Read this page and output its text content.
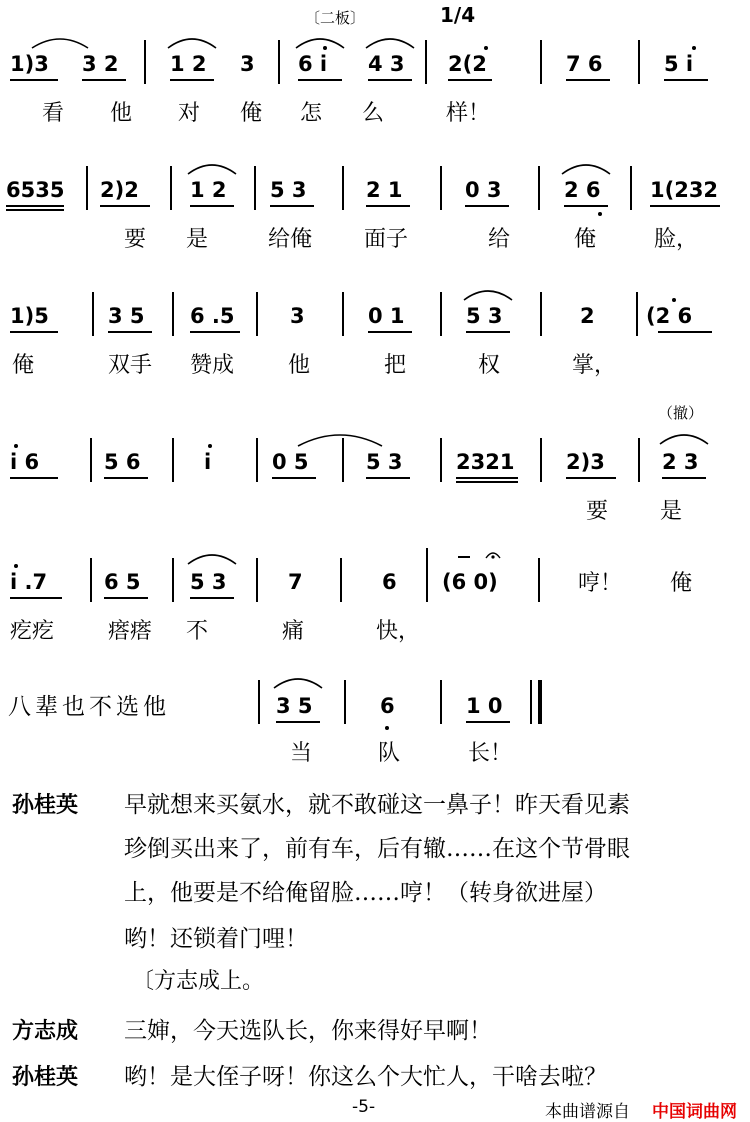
〔二板〕	1/4
1)3 3 2 1 2 3 6 i 4 3 2(2	7 6	5 i
看 他 对 俺 怎 么	样！
6535 2)2 1 2 5 3	2 1	0 3	2 6 1(232
要 是	给俺 面子	给	俺	脸，
1)5	3 5 6 .5	3	0 1	5 3	2 (2 6
俺	双手 赞成 他	把	权	掌，
（撤）
i 6	5 6	i	0 5	5 3	2321 2)3	2 3
要 是
i .7	6 5 5 3	7	6 (6 0)	哼！ 俺
疙疙 瘩瘩 不	痛	快，
八辈也不选他	3 5	6	1 0
当	队	长！
孙桂英 早就想来买氨水，就不敢碰这一鼻子！昨天看见素
珍倒买出来了，前有车，后有辙……在这个节骨眼
上，他要是不给俺留脸……哼！（转身欲进屋）
哟！还锁着门哩！
〔方志成上。
方志成 三婶，今天选队长，你来得好早啊！
孙桂英 哟！是大侄子呀！你这么个大忙人，干啥去啦？
-5-	本曲谱源自 中国词曲网
